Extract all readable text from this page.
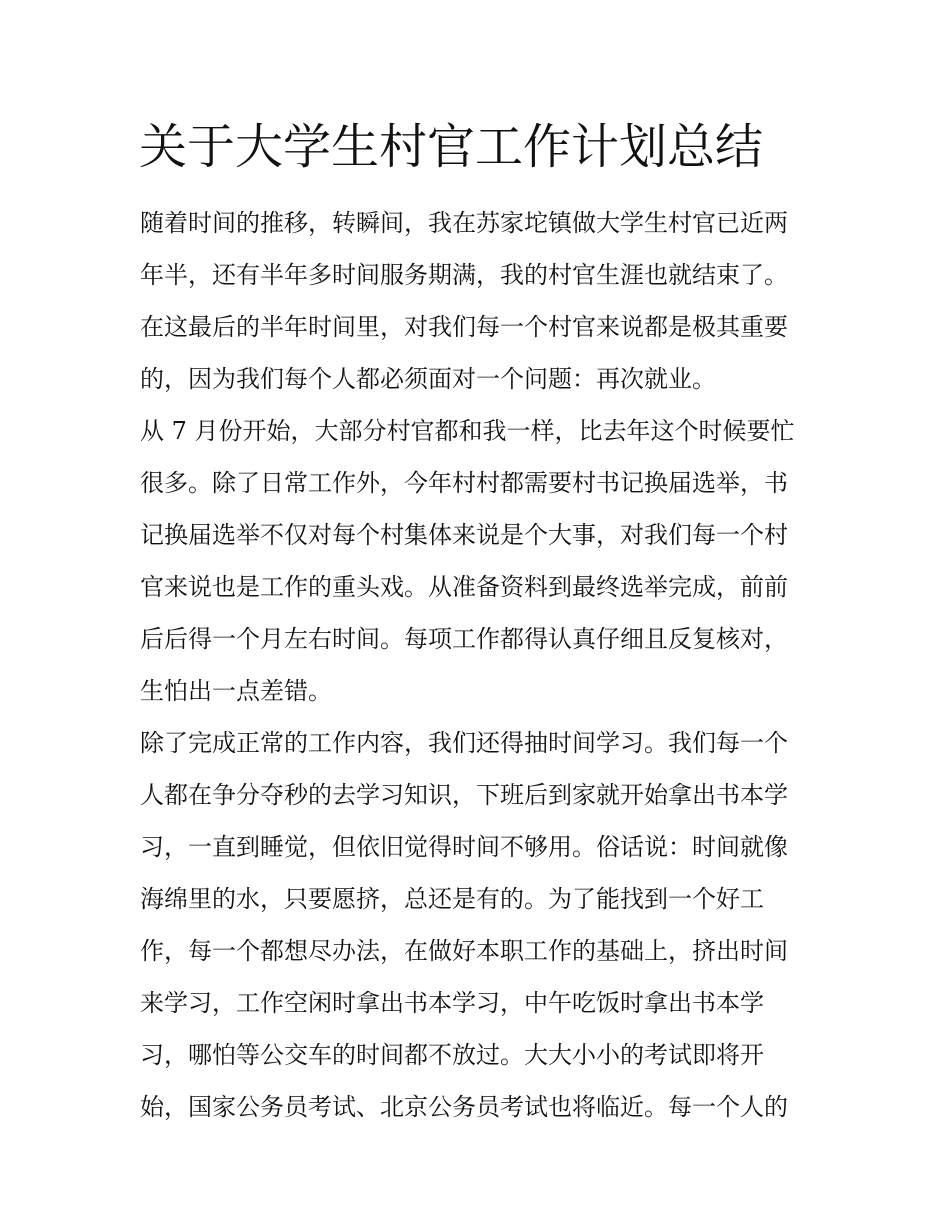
关于大学生村官工作计划总结
随着时间的推移，转瞬间，我在苏家坨镇做大学生村官已近两
年半，还有半年多时间服务期满，我的村官生涯也就结束了。
在这最后的半年时间里，对我们每一个村官来说都是极其重要
的，因为我们每个人都必须面对一个问题：再次就业。
从 7 月份开始，大部分村官都和我一样，比去年这个时候要忙
很多。除了日常工作外，今年村村都需要村书记换届选举，书
记换届选举不仅对每个村集体来说是个大事，对我们每一个村
官来说也是工作的重头戏。从准备资料到最终选举完成，前前
后后得一个月左右时间。每项工作都得认真仔细且反复核对，
生怕出一点差错。
除了完成正常的工作内容，我们还得抽时间学习。我们每一个
人都在争分夺秒的去学习知识，下班后到家就开始拿出书本学
习，一直到睡觉，但依旧觉得时间不够用。俗话说：时间就像
海绵里的水，只要愿挤，总还是有的。为了能找到一个好工
作，每一个都想尽办法，在做好本职工作的基础上，挤出时间
来学习，工作空闲时拿出书本学习，中午吃饭时拿出书本学
习，哪怕等公交车的时间都不放过。大大小小的考试即将开
始，国家公务员考试、北京公务员考试也将临近。每一个人的
